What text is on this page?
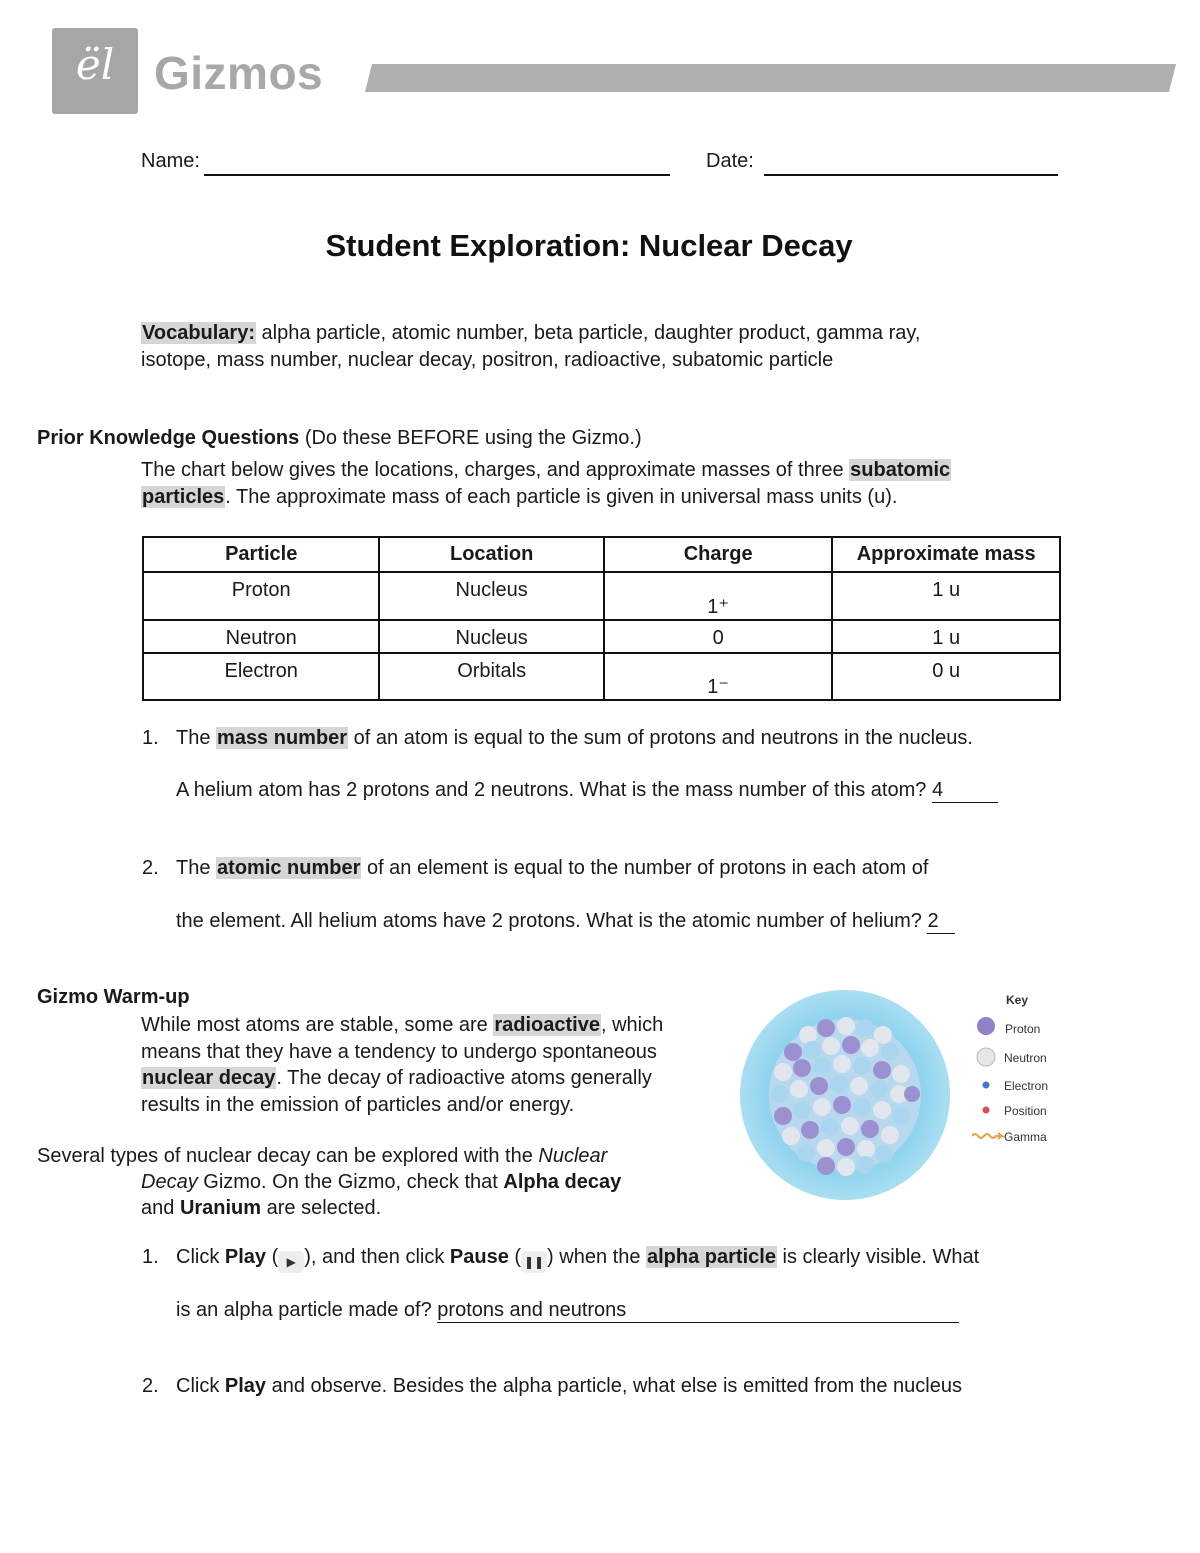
ël Gizmos
Name:	Date:
Student Exploration: Nuclear Decay
Vocabulary: alpha particle, atomic number, beta particle, daughter product, gamma ray,
isotope, mass number, nuclear decay, positron, radioactive, subatomic particle
Prior Knowledge Questions (Do these BEFORE using the Gizmo.)
The chart below gives the locations, charges, and approximate masses of three subatomic
particles. The approximate mass of each particle is given in universal mass units (u).
Particle	Location	Charge	Approximate mass
Proton	Nucleus	1⁺	1 u
Neutron	Nucleus	0	1 u
Electron	Orbitals	1⁻	0 u
1. The mass number of an atom is equal to the sum of protons and neutrons in the nucleus.
A helium atom has 2 protons and 2 neutrons. What is the mass number of this atom? 4
2. The atomic number of an element is equal to the number of protons in each atom of
the element. All helium atoms have 2 protons. What is the atomic number of helium? 2
Gizmo Warm-up
While most atoms are stable, some are radioactive, which
means that they have a tendency to undergo spontaneous
nuclear decay. The decay of radioactive atoms generally
results in the emission of particles and/or energy.
Several types of nuclear decay can be explored with the Nuclear
Decay Gizmo. On the Gizmo, check that Alpha decay
and Uranium are selected.
Key
Proton
Neutron
Electron
Position
Gamma
1. Click Play ( ▶ ), and then click Pause ( ❚❚ ) when the alpha particle is clearly visible. What
is an alpha particle made of? protons and neutrons
2. Click Play and observe. Besides the alpha particle, what else is emitted from the nucleus
